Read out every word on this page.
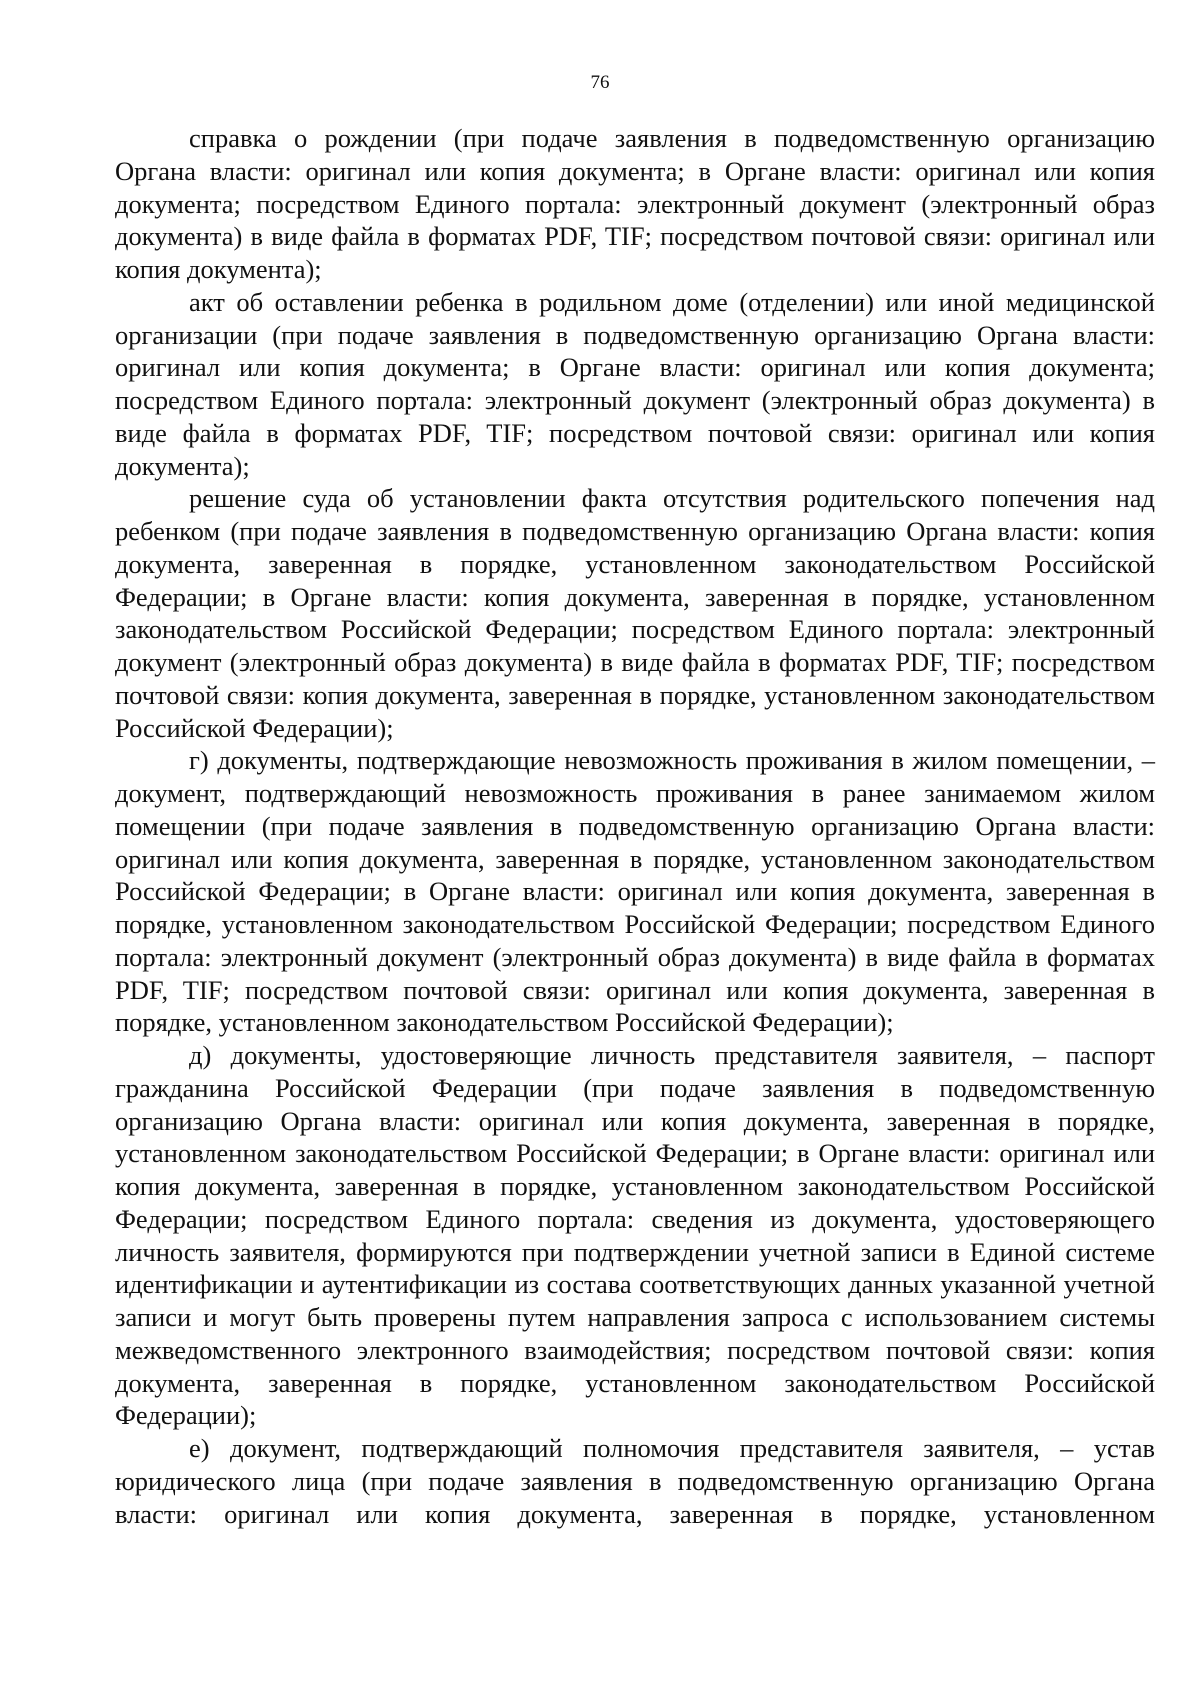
76

справка о рождении (при подаче заявления в подведомственную организацию Органа власти: оригинал или копия документа; в Органе власти: оригинал или копия документа; посредством Единого портала: электронный документ (электронный образ документа) в виде файла в форматах PDF, TIF; посредством почтовой связи: оригинал или копия документа);

акт об оставлении ребенка в родильном доме (отделении) или иной медицинской организации (при подаче заявления в подведомственную организацию Органа власти: оригинал или копия документа; в Органе власти: оригинал или копия документа; посредством Единого портала: электронный документ (электронный образ документа) в виде файла в форматах PDF, TIF; посредством почтовой связи: оригинал или копия документа);

решение суда об установлении факта отсутствия родительского попечения над ребенком (при подаче заявления в подведомственную организацию Органа власти: копия документа, заверенная в порядке, установленном законодательством Российской Федерации; в Органе власти: копия документа, заверенная в порядке, установленном законодательством Российской Федерации; посредством Единого портала: электронный документ (электронный образ документа) в виде файла в форматах PDF, TIF; посредством почтовой связи: копия документа, заверенная в порядке, установленном законодательством Российской Федерации);

г) документы, подтверждающие невозможность проживания в жилом помещении, – документ, подтверждающий невозможность проживания в ранее занимаемом жилом помещении (при подаче заявления в подведомственную организацию Органа власти: оригинал или копия документа, заверенная в порядке, установленном законодательством Российской Федерации; в Органе власти: оригинал или копия документа, заверенная в порядке, установленном законодательством Российской Федерации; посредством Единого портала: электронный документ (электронный образ документа) в виде файла в форматах PDF, TIF; посредством почтовой связи: оригинал или копия документа, заверенная в порядке, установленном законодательством Российской Федерации);

д) документы, удостоверяющие личность представителя заявителя, – паспорт гражданина Российской Федерации (при подаче заявления в подведомственную организацию Органа власти: оригинал или копия документа, заверенная в порядке, установленном законодательством Российской Федерации; в Органе власти: оригинал или копия документа, заверенная в порядке, установленном законодательством Российской Федерации; посредством Единого портала: сведения из документа, удостоверяющего личность заявителя, формируются при подтверждении учетной записи в Единой системе идентификации и аутентификации из состава соответствующих данных указанной учетной записи и могут быть проверены путем направления запроса с использованием системы межведомственного электронного взаимодействия; посредством почтовой связи: копия документа, заверенная в порядке, установленном законодательством Российской Федерации);

е) документ, подтверждающий полномочия представителя заявителя, – устав юридического лица (при подаче заявления в подведомственную организацию Органа власти: оригинал или копия документа, заверенная в порядке, установленном
